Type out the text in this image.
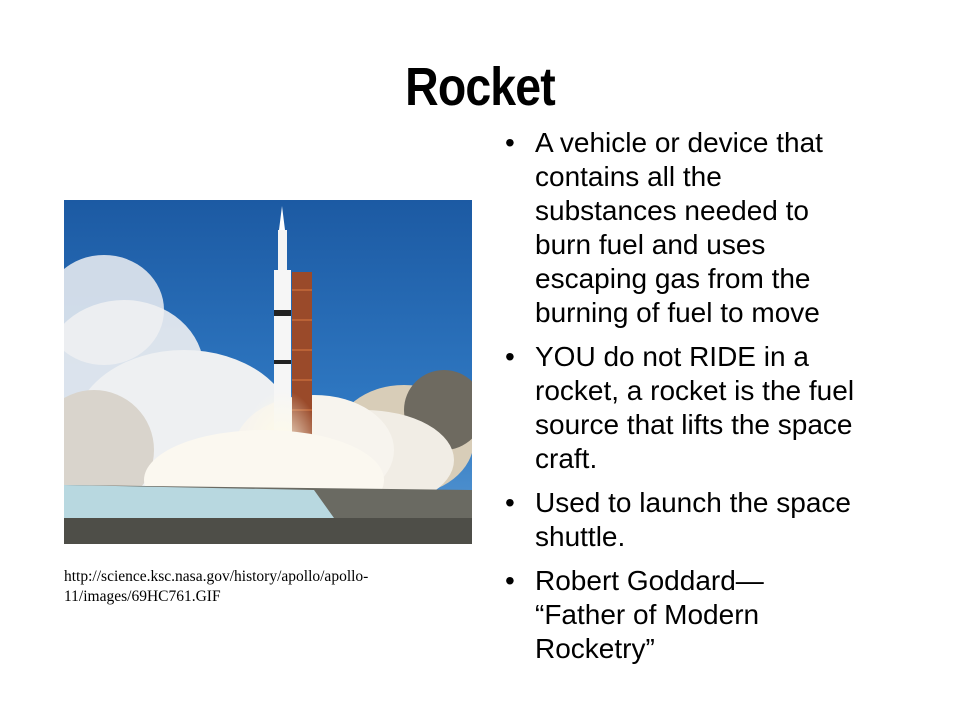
Rocket
http://science.ksc.nasa.gov/history/apollo/apollo-
11/images/69HC761.GIF
• A vehicle or device that
contains all the
substances needed to
burn fuel and uses
escaping gas from the
burning of fuel to move
• YOU do not RIDE in a
rocket, a rocket is the fuel
source that lifts the space
craft.
• Used to launch the space
shuttle.
• Robert Goddard—
“Father of Modern
Rocketry”
